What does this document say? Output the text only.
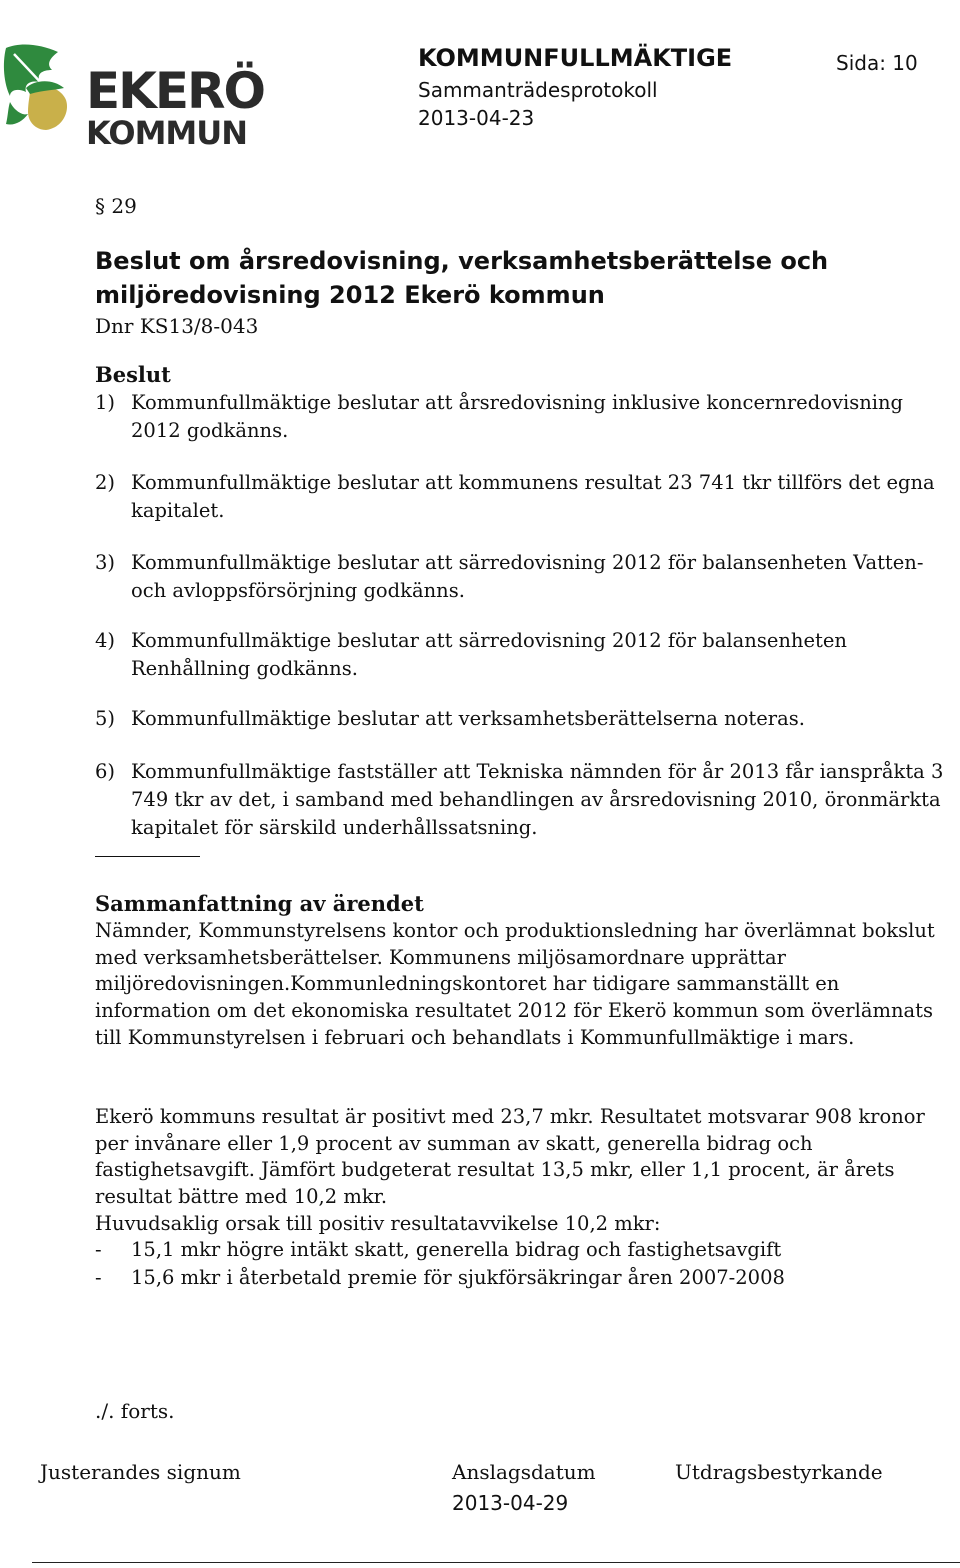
EKERÖ
KOMMUN
KOMMUNFULLMÄKTIGE	Sida: 10
Sammanträdesprotokoll
2013-04-23
§ 29
Beslut om årsredovisning, verksamhetsberättelse och miljöredovisning 2012 Ekerö kommun
Dnr KS13/8-043
Beslut
1) Kommunfullmäktige beslutar att årsredovisning inklusive koncernredovisning 2012 godkänns.
2) Kommunfullmäktige beslutar att kommunens resultat 23 741 tkr tillförs det egna kapitalet.
3) Kommunfullmäktige beslutar att särredovisning 2012 för balansenheten Vatten- och avloppsförsörjning godkänns.
4) Kommunfullmäktige beslutar att särredovisning 2012 för balansenheten Renhållning godkänns.
5) Kommunfullmäktige beslutar att verksamhetsberättelserna noteras.
6) Kommunfullmäktige fastställer att Tekniska nämnden för år 2013 får ianspråkta 3 749 tkr av det, i samband med behandlingen av årsredovisning 2010, öronmärkta kapitalet för särskild underhållssatsning.
Sammanfattning av ärendet
Nämnder, Kommunstyrelsens kontor och produktionsledning har överlämnat bokslut med verksamhetsberättelser. Kommunens miljösamordnare upprättar miljöredovisningen.Kommunledningskontoret har tidigare sammanställt en information om det ekonomiska resultatet 2012 för Ekerö kommun som överlämnats till Kommunstyrelsen i februari och behandlats i Kommunfullmäktige i mars.
Ekerö kommuns resultat är positivt med 23,7 mkr. Resultatet motsvarar 908 kronor per invånare eller 1,9 procent av summan av skatt, generella bidrag och fastighetsavgift. Jämfört budgeterat resultat 13,5 mkr, eller 1,1 procent, är årets resultat bättre med 10,2 mkr.
Huvudsaklig orsak till positiv resultatavvikelse 10,2 mkr:
- 15,1 mkr högre intäkt skatt, generella bidrag och fastighetsavgift
- 15,6 mkr i återbetald premie för sjukförsäkringar åren 2007-2008
./. forts.
Justerandes signum	Anslagsdatum	Utdragsbestyrkande
2013-04-29
